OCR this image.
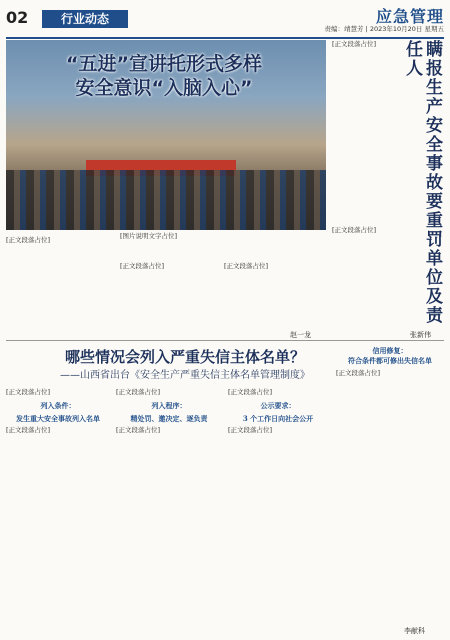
02	行业动态	应急管理
责编：靖慧芳 | 2023年10月20日 星期五
“五进”宣讲托形式多样
安全意识“入脑入心”
[图片说明文字占位]
[正文段落占位]
[正文段落占位]	[正文段落占位]
赵一龙
[正文段落占位]	瞒报生产安全事故要重罚单位及责任人
[正文段落占位]
张新伟
哪些情况会列入严重失信主体名单？
——山西省出台《安全生产严重失信主体名单管理制度》
[正文段落占位]
列入条件：
发生重大安全事故列入名单
[正文段落占位]
[正文段落占位]
列入程序：
精处罚、邀决定、逐负责
[正文段落占位]
[正文段落占位]
公示要求：
3 个工作日向社会公开
[正文段落占位]
信用修复：
符合条件都可修出失信名单
[正文段落占位]
李献科
